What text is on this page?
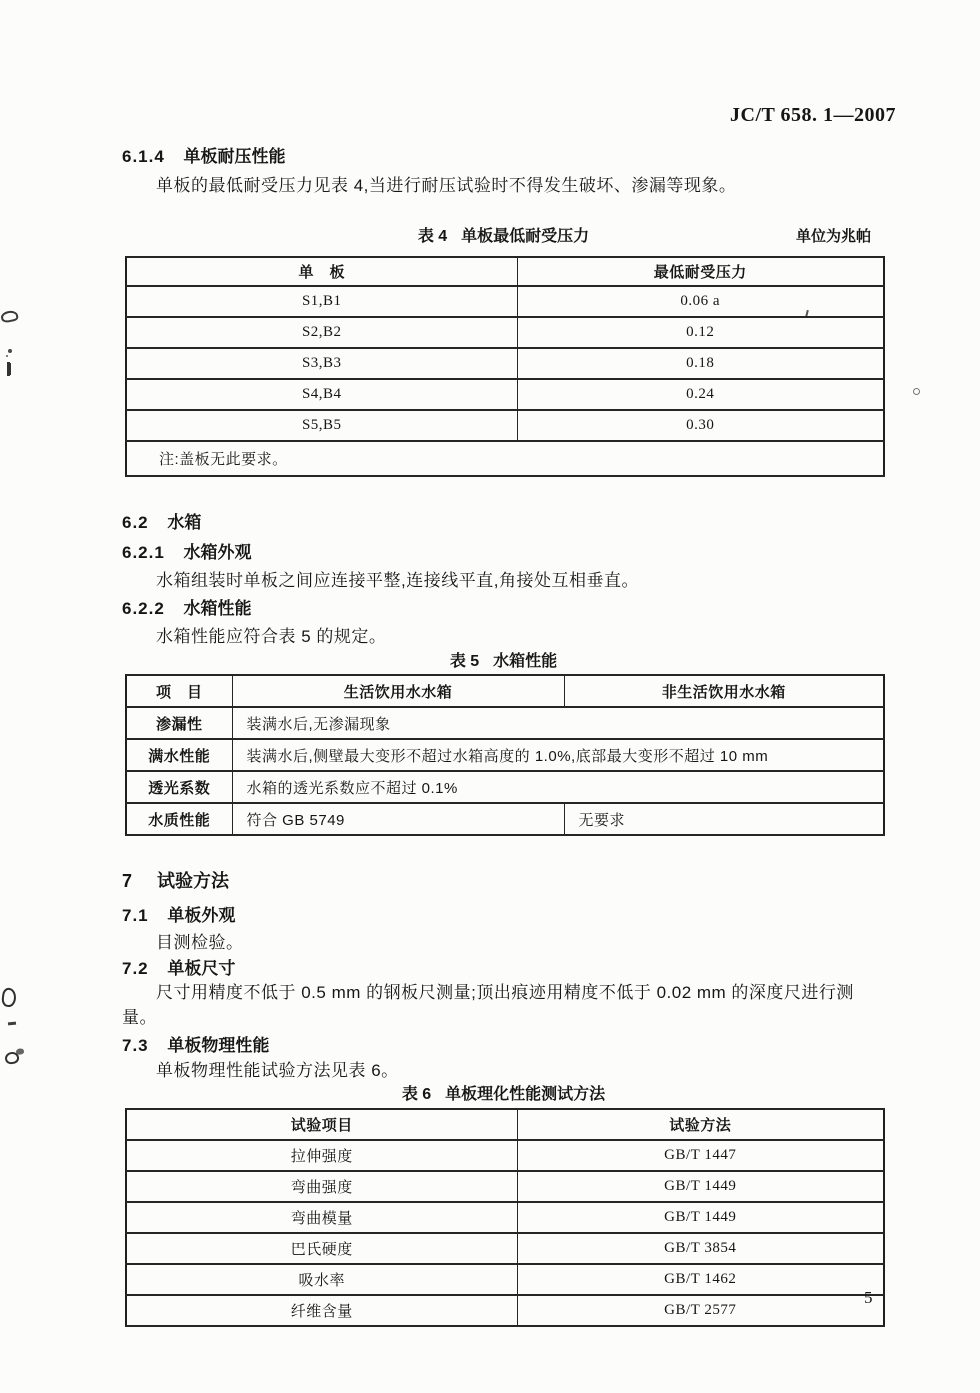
JC/T 658. 1—2007
6.1.4 单板耐压性能

单板的最低耐受压力见表 4,当进行耐压试验时不得发生破坏、渗漏等现象。

表 4 单板最低耐受压力	单位为兆帕
单　板	最低耐受压力
S1,B1	0.06 a
S2,B2	0.12
S3,B3	0.18
S4,B4	0.24
S5,B5	0.30
注:盖板无此要求。	
6.2 水箱
6.2.1 水箱外观

水箱组装时单板之间应连接平整,连接线平直,角接处互相垂直。

6.2.2 水箱性能

水箱性能应符合表 5 的规定。

表 5 水箱性能
项　目	生活饮用水水箱	非生活饮用水水箱
渗漏性	装满水后,无渗漏现象	
满水性能	装满水后,侧壁最大变形不超过水箱高度的 1.0%,底部最大变形不超过 10 mm	
透光系数	水箱的透光系数应不超过 0.1%	
水质性能	符合 GB 5749	无要求
7 试验方法
7.1 单板外观

目测检验。

7.2 单板尺寸

尺寸用精度不低于 0.5 mm 的钢板尺测量;顶出痕迹用精度不低于 0.02 mm 的深度尺进行测量。

7.3 单板物理性能

单板物理性能试验方法见表 6。

表 6 单板理化性能测试方法
试验项目	试验方法
拉伸强度	GB/T 1447
弯曲强度	GB/T 1449
弯曲模量	GB/T 1449
巴氏硬度	GB/T 3854
吸水率	GB/T 1462
纤维含量	GB/T 2577
5
